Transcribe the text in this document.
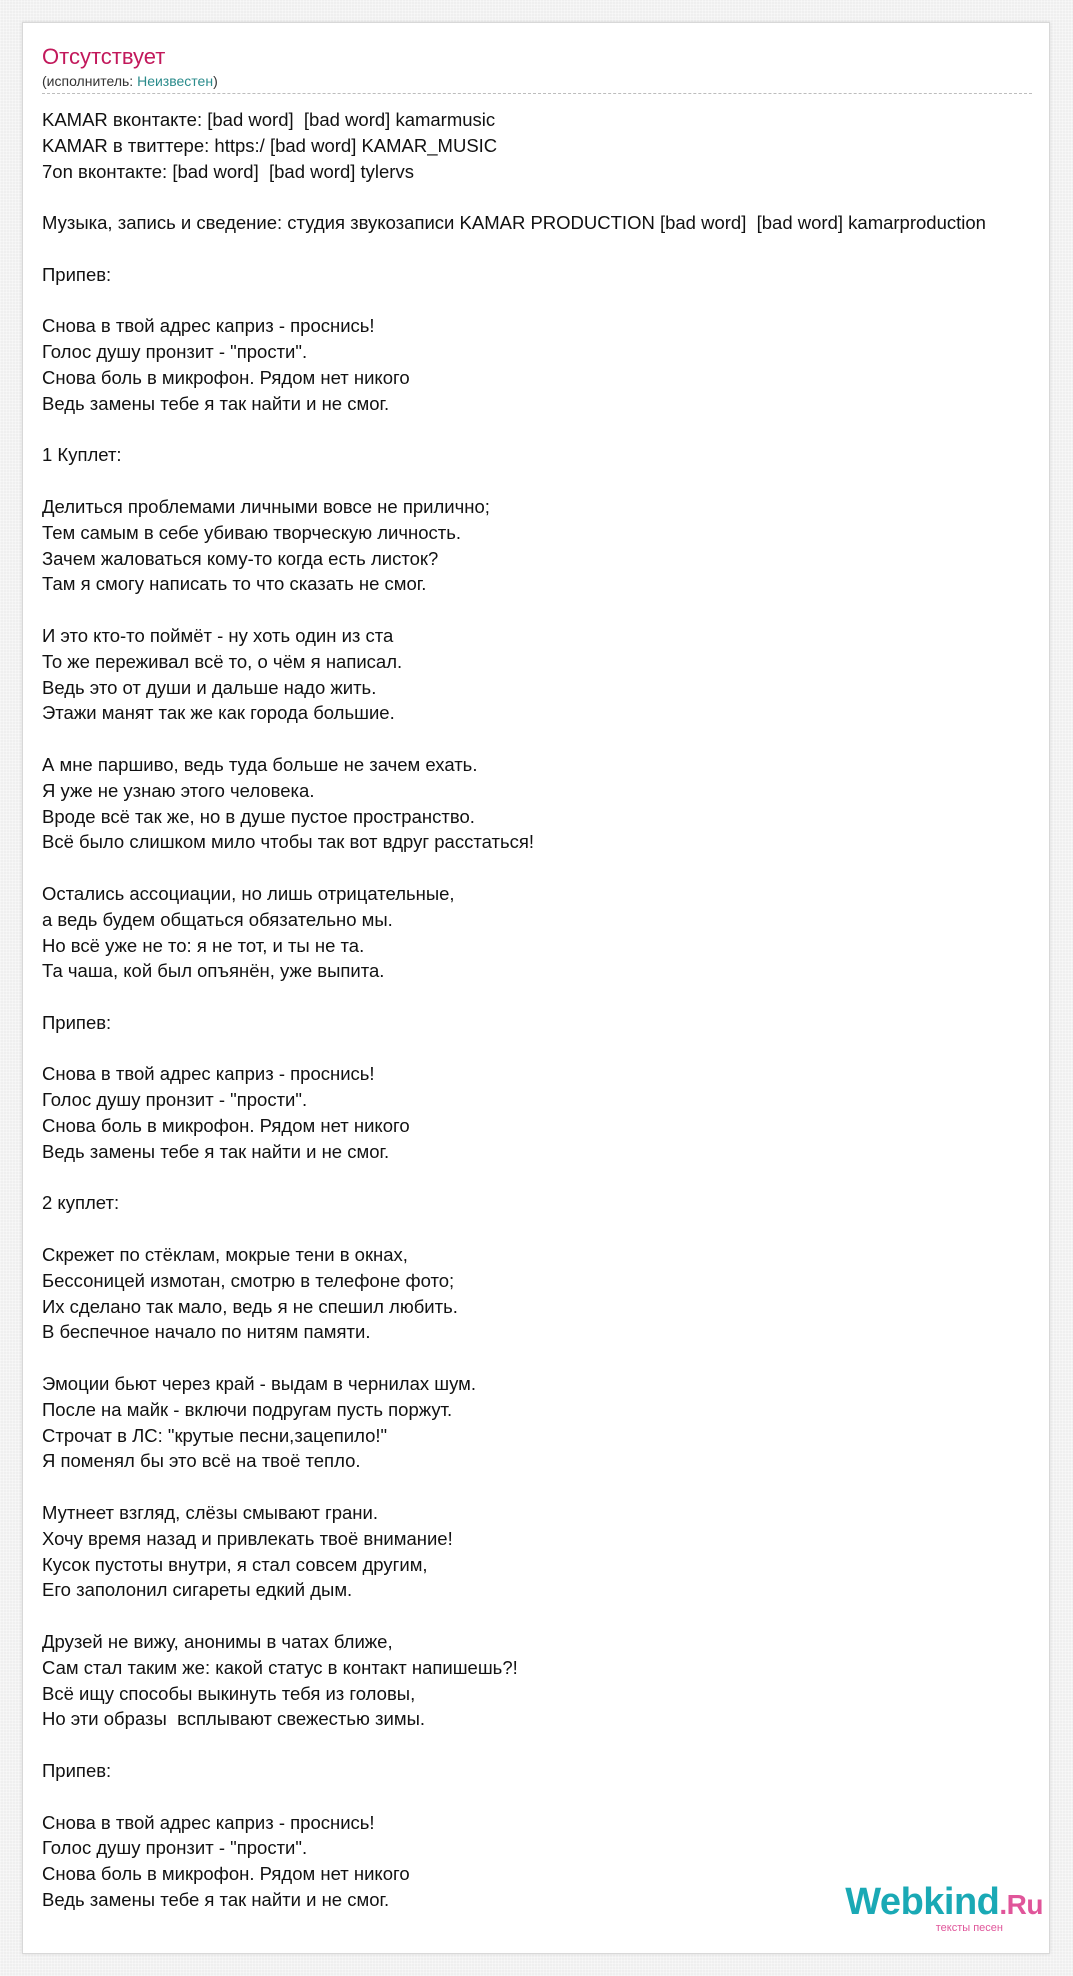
Отсутствует
(исполнитель: Неизвестен)
KAMAR вконтакте: [bad word]  [bad word] kamarmusic
KAMAR в твиттере: https:/ [bad word] KAMAR_MUSIC
7on вконтакте: [bad word]  [bad word] tylervs

Музыка, запись и сведение: студия звукозаписи KAMAR PRODUCTION [bad word]  [bad word] kamarproduction

Припев:

Снова в твой адрес каприз - проснись!
Голос душу пронзит - "прости".
Снова боль в микрофон. Рядом нет никого
Ведь замены тебе я так найти и не смог.

1 Куплет:

Делиться проблемами личными вовсе не прилично;
Тем самым в себе убиваю творческую личность.
Зачем жаловаться кому-то когда есть листок?
Там я смогу написать то что сказать не смог.

И это кто-то поймёт - ну хоть один из ста
То же переживал всё то, о чём я написал.
Ведь это от души и дальше надо жить.
Этажи манят так же как города большие.

А мне паршиво, ведь туда больше не зачем ехать.
Я уже не узнаю этого человека.
Вроде всё так же, но в душе пустое пространство.
Всё было слишком мило чтобы так вот вдруг расстаться!

Остались ассоциации, но лишь отрицательные,
а ведь будем общаться обязательно мы.
Но всё уже не то: я не тот, и ты не та.
Та чаша, кой был опъянён, уже выпита.

Припев:

Снова в твой адрес каприз - проснись!
Голос душу пронзит - "прости".
Снова боль в микрофон. Рядом нет никого
Ведь замены тебе я так найти и не смог.

2 куплет:

Скрежет по стёклам, мокрые тени в окнах,
Бессоницей измотан, смотрю в телефоне фото;
Их сделано так мало, ведь я не спешил любить.
В беспечное начало по нитям памяти.

Эмоции бьют через край - выдам в чернилах шум.
После на майк - включи подругам пусть поржут.
Строчат в ЛС: "крутые песни,зацепило!"
Я поменял бы это всё на твоё тепло.

Мутнеет взгляд, слёзы смывают грани.
Хочу время назад и привлекать твоё внимание!
Кусок пустоты внутри, я стал совсем другим,
Его заполонил сигареты едкий дым.

Друзей не вижу, анонимы в чатах ближе,
Сам стал таким же: какой статус в контакт напишешь?!
Всё ищу способы выкинуть тебя из головы,
Но эти образы  всплывают свежестью зимы.

Припев:

Снова в твой адрес каприз - проснись!
Голос душу пронзит - "прости".
Снова боль в микрофон. Рядом нет никого
Ведь замены тебе я так найти и не смог.	Webkind.Ru
тексты песен
